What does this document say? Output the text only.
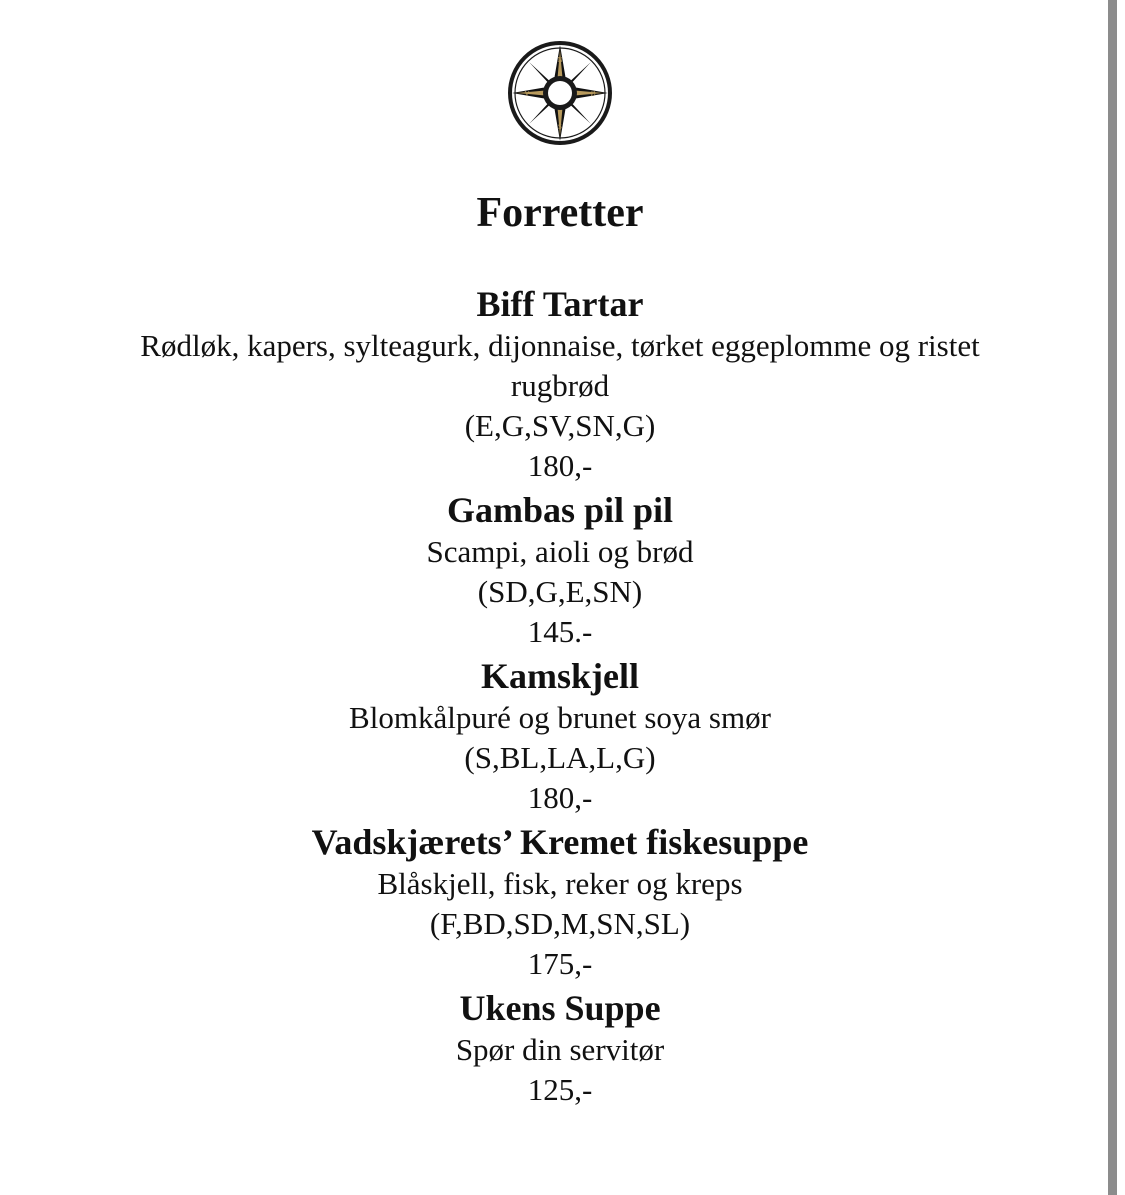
N
Ø
S
V
Forretter
Biff Tartar
Rødløk, kapers, sylteagurk, dijonnaise, tørket eggeplomme og ristet rugbrød
(E,G,SV,SN,G)
180,-
Gambas pil pil
Scampi, aioli og brød
(SD,G,E,SN)
145.-
Kamskjell
Blomkålpuré og brunet soya smør
(S,BL,LA,L,G)
180,-
Vadskjærets’ Kremet fiskesuppe
Blåskjell, fisk, reker og kreps
(F,BD,SD,M,SN,SL)
175,-
Ukens Suppe
Spør din servitør
125,-
